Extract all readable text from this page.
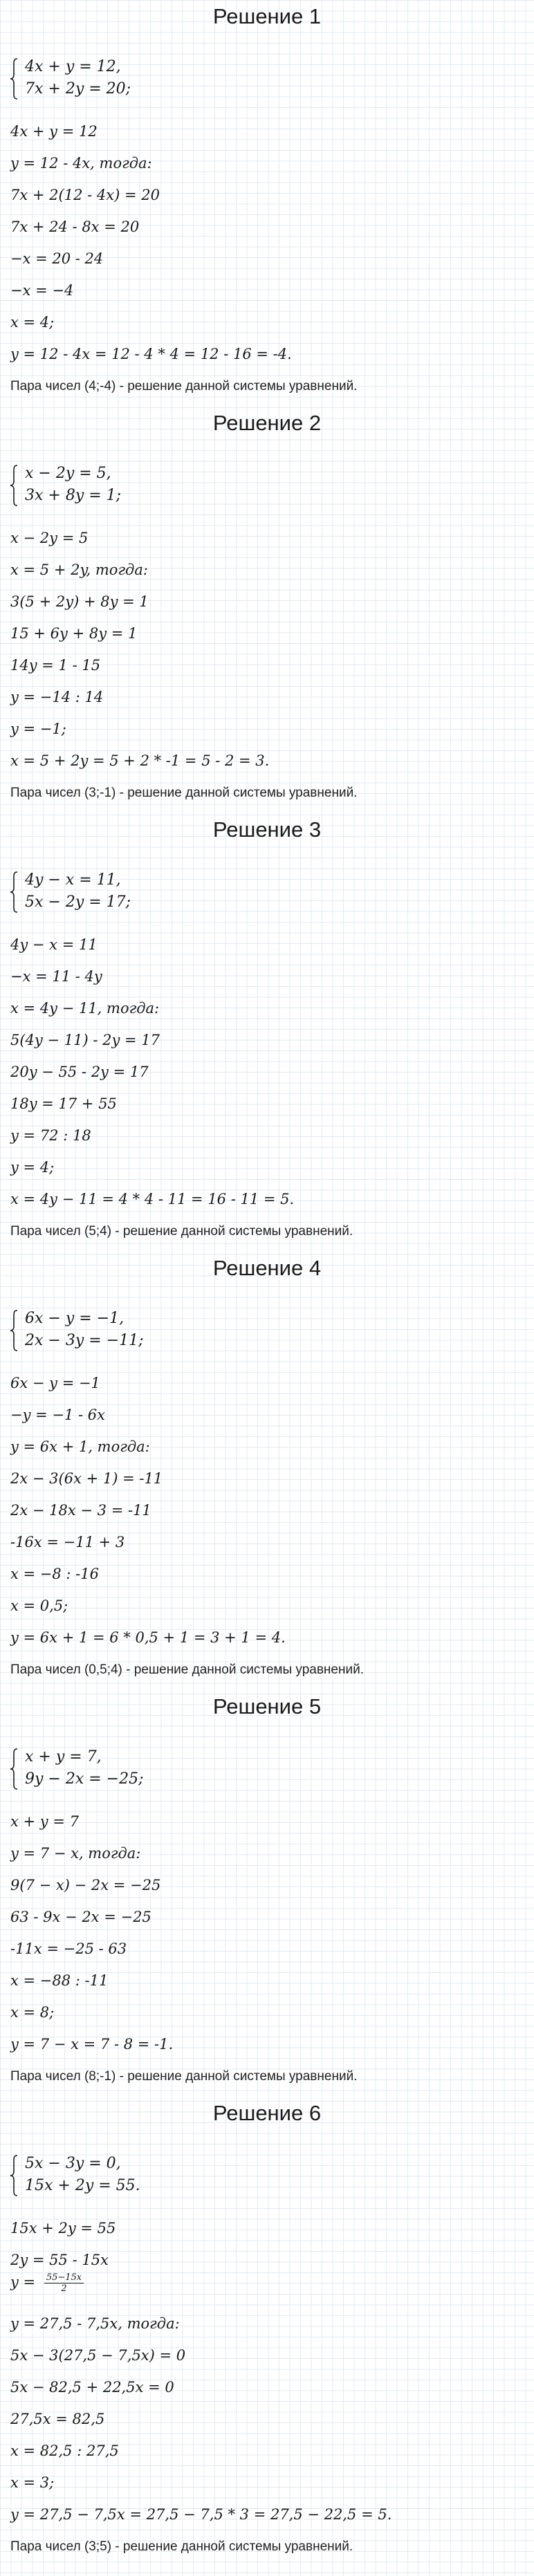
Решение 1
4x + y = 12,
7x + 2y = 20;
4x + y = 12
y = 12 - 4x, тогда:
7x + 2(12 - 4x) = 20
7x + 24 - 8x = 20
−x = 20 - 24
−x = −4
x = 4;
y = 12 - 4x = 12 - 4 * 4 = 12 - 16 = -4.
Пара чисел (4;-4) - решение данной системы уравнений.
Решение 2
x − 2y = 5,
3x + 8y = 1;
x − 2y = 5
x = 5 + 2y, тогда:
3(5 + 2y) + 8y = 1
15 + 6y + 8y = 1
14y = 1 - 15
y = −14 : 14
y = −1;
x = 5 + 2y = 5 + 2 * -1 = 5 - 2 = 3.
Пара чисел (3;-1) - решение данной системы уравнений.
Решение 3
4y − x = 11,
5x − 2y = 17;
4y − x = 11
−x = 11 - 4y
x = 4y − 11, тогда:
5(4y − 11) - 2y = 17
20y − 55 - 2y = 17
18y = 17 + 55
y = 72 : 18
y = 4;
x = 4y − 11 = 4 * 4 - 11 = 16 - 11 = 5.
Пара чисел (5;4) - решение данной системы уравнений.
Решение 4
6x − y = −1,
2x − 3y = −11;
6x − y = −1
−y = −1 - 6x
y = 6x + 1, тогда:
2x − 3(6x + 1) = -11
2x − 18x − 3 = -11
-16x = −11 + 3
x = −8 : -16
x = 0,5;
y = 6x + 1 = 6 * 0,5 + 1 = 3 + 1 = 4.
Пара чисел (0,5;4) - решение данной системы уравнений.
Решение 5
x + y = 7,
9y − 2x = −25;
x + y = 7
y = 7 − x, тогда:
9(7 − x) − 2x = −25
63 - 9x − 2x = −25
-11x = −25 - 63
x = −88 : -11
x = 8;
y = 7 − x = 7 - 8 = -1.
Пара чисел (8;-1) - решение данной системы уравнений.
Решение 6
5x − 3y = 0,
15x + 2y = 55.
15x + 2y = 55
2y = 55 - 15x
$y = \frac{55-15x}{2}$
y = 27,5 - 7,5x, тогда:
5x − 3(27,5 − 7,5x) = 0
5x − 82,5 + 22,5x = 0
27,5x = 82,5
x = 82,5 : 27,5
x = 3;
y = 27,5 − 7,5x = 27,5 − 7,5 * 3 = 27,5 − 22,5 = 5.
Пара чисел (3;5) - решение данной системы уравнений.
